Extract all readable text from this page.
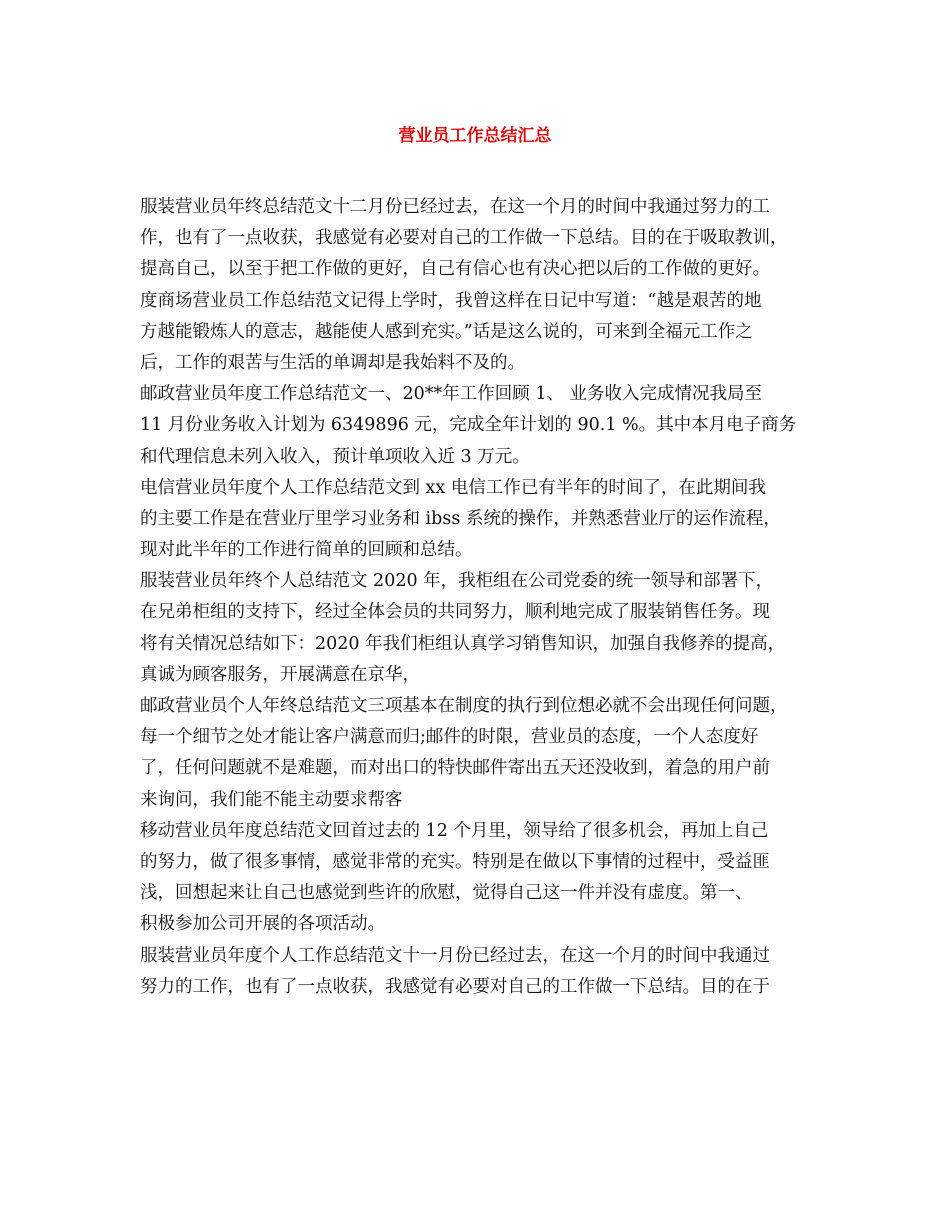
营业员工作总结汇总
服装营业员年终总结范文十二月份已经过去，在这一个月的时间中我通过努力的工
作，也有了一点收获，我感觉有必要对自己的工作做一下总结。目的在于吸取教训，
提高自己，以至于把工作做的更好，自己有信心也有决心把以后的工作做的更好。
度商场营业员工作总结范文记得上学时，我曾这样在日记中写道：“越是艰苦的地
方越能锻炼人的意志，越能使人感到充实。”话是这么说的，可来到全福元工作之
后，工作的艰苦与生活的单调却是我始料不及的。
邮政营业员年度工作总结范文一、20**年工作回顾 1、 业务收入完成情况我局至
11 月份业务收入计划为 6349896 元，完成全年计划的 90.1 %。其中本月电子商务
和代理信息未列入收入，预计单项收入近 3 万元。
电信营业员年度个人工作总结范文到 xx 电信工作已有半年的时间了，在此期间我
的主要工作是在营业厅里学习业务和 ibss 系统的操作，并熟悉营业厅的运作流程，
现对此半年的工作进行简单的回顾和总结。
服装营业员年终个人总结范文 2020 年，我柜组在公司党委的统一领导和部署下，
在兄弟柜组的支持下，经过全体会员的共同努力，顺利地完成了服装销售任务。现
将有关情况总结如下：2020 年我们柜组认真学习销售知识，加强自我修养的提高，
真诚为顾客服务，开展满意在京华，
邮政营业员个人年终总结范文三项基本在制度的执行到位想必就不会出现任何问题，
每一个细节之处才能让客户满意而归;邮件的时限，营业员的态度，一个人态度好
了，任何问题就不是难题，而对出口的特快邮件寄出五天还没收到，着急的用户前
来询问，我们能不能主动要求帮客
移动营业员年度总结范文回首过去的 12 个月里，领导给了很多机会，再加上自己
的努力，做了很多事情，感觉非常的充实。特别是在做以下事情的过程中，受益匪
浅，回想起来让自己也感觉到些许的欣慰，觉得自己这一件并没有虚度。第一、
积极参加公司开展的各项活动。
服装营业员年度个人工作总结范文十一月份已经过去，在这一个月的时间中我通过
努力的工作，也有了一点收获，我感觉有必要对自己的工作做一下总结。目的在于
